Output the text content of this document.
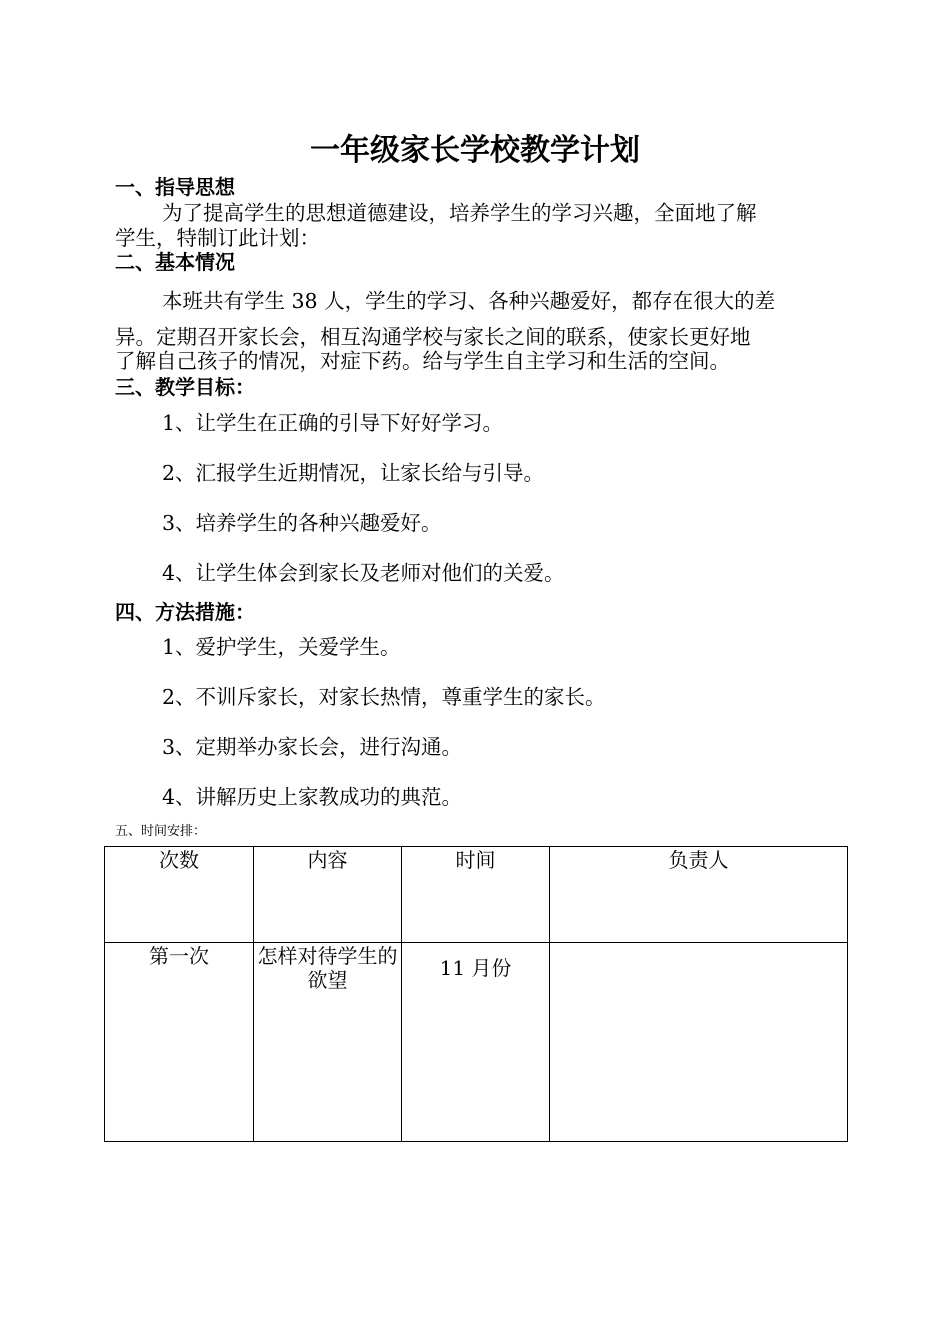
一年级家长学校教学计划
一、指导思想
为了提高学生的思想道德建设，培养学生的学习兴趣，全面地了解
学生，特制订此计划：
二、基本情况
本班共有学生 38 人，学生的学习、各种兴趣爱好，都存在很大的差
异。定期召开家长会，相互沟通学校与家长之间的联系，使家长更好地
了解自己孩子的情况，对症下药。给与学生自主学习和生活的空间。
三、教学目标：
1、让学生在正确的引导下好好学习。
2、汇报学生近期情况，让家长给与引导。
3、培养学生的各种兴趣爱好。
4、让学生体会到家长及老师对他们的关爱。
四、方法措施：
1、爱护学生，关爱学生。
2、不训斥家长，对家长热情，尊重学生的家长。
3、定期举办家长会，进行沟通。
4、讲解历史上家教成功的典范。
五、时间安排：
次数	内容	时间	负责人
第一次	怎样对待学生的欲望	11 月份	
